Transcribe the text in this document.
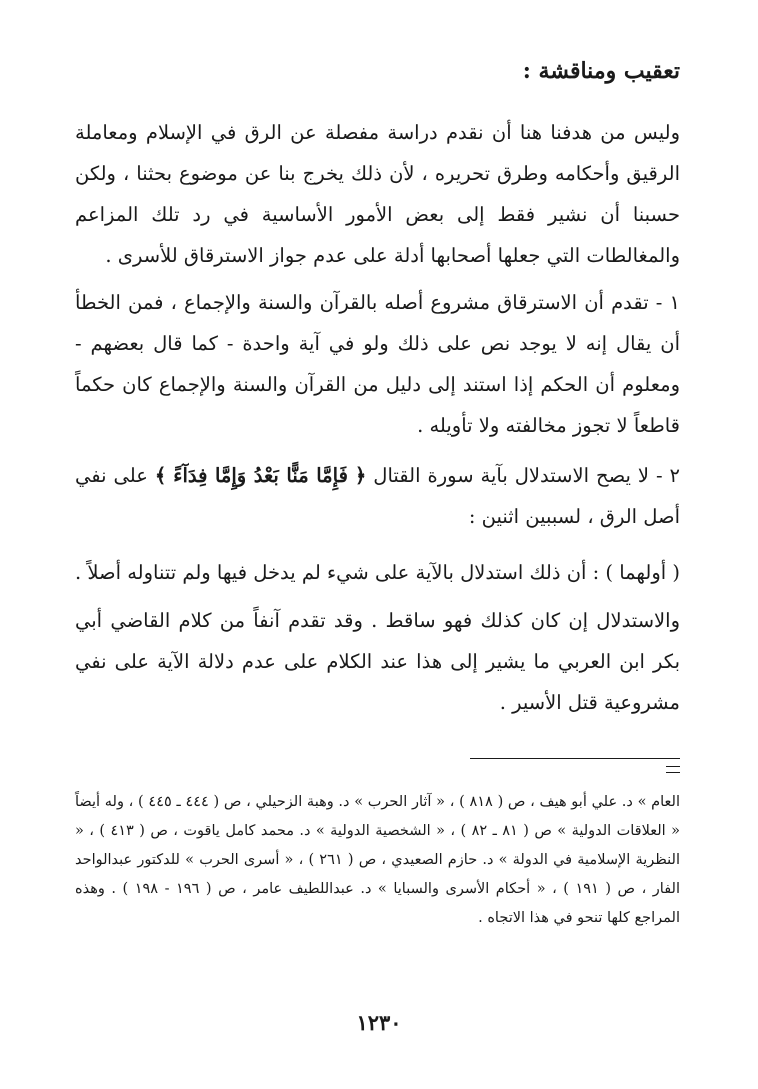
تعقيب ومناقشة :

وليس من هدفنا هنا أن نقدم دراسة مفصلة عن الرق في الإسلام ومعاملة الرقيق وأحكامه وطرق تحريره ، لأن ذلك يخرج بنا عن موضوع بحثنا ، ولكن حسبنا أن نشير فقط إلى بعض الأمور الأساسية في رد تلك المزاعم والمغالطات التي جعلها أصحابها أدلة على عدم جواز الاسترقاق للأسرى .

١ - تقدم أن الاسترقاق مشروع أصله بالقرآن والسنة والإجماع ، فمن الخطأ أن يقال إنه لا يوجد نص على ذلك ولو في آية واحدة - كما قال بعضهم - ومعلوم أن الحكم إذا استند إلى دليل من القرآن والسنة والإجماع كان حكماً قاطعاً لا تجوز مخالفته ولا تأويله .

٢ - لا يصح الاستدلال بآية سورة القتال ﴿ فَإِمَّا مَنًّا بَعْدُ وَإِمَّا فِدَآءً ﴾ على نفي أصل الرق ، لسببين اثنين :

( أولهما ) : أن ذلك استدلال بالآية على شيء لم يدخل فيها ولم تتناوله أصلاً .

والاستدلال إن كان كذلك فهو ساقط . وقد تقدم آنفاً من كلام القاضي أبي بكر ابن العربي ما يشير إلى هذا عند الكلام على عدم دلالة الآية على نفي مشروعية قتل الأسير .

العام » د. علي أبو هيف ، ص ( ٨١٨ ) ، « آثار الحرب » د. وهبة الزحيلي ، ص ( ٤٤٤ ـ ٤٤٥ ) ، وله أيضاً « العلاقات الدولية » ص ( ٨١ ـ ٨٢ ) ، « الشخصية الدولية » د. محمد كامل ياقوت ، ص ( ٤١٣ ) ، « النظرية الإسلامية في الدولة » د. حازم الصعيدي ، ص ( ٢٦١ ) ، « أسرى الحرب » للدكتور عبدالواحد الفار ، ص ( ١٩١ ) ، « أحكام الأسرى والسبايا » د. عبداللطيف عامر ، ص ( ١٩٦ - ١٩٨ ) . وهذه المراجع كلها تنحو في هذا الاتجاه .

١٢٣٠
